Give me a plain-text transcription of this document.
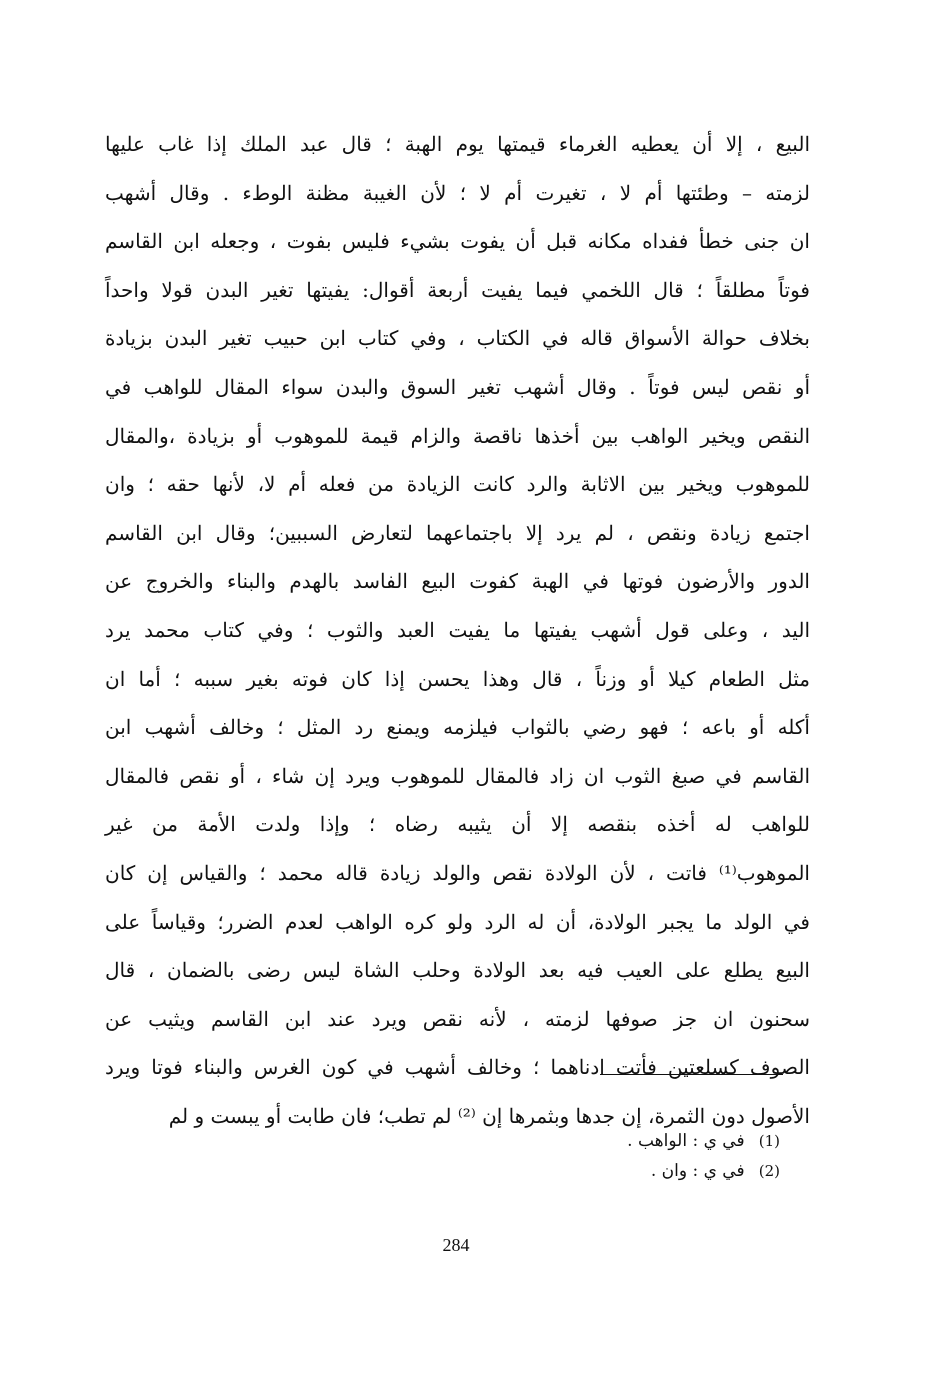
البيع ، إلا أن يعطيه الغرماء قيمتها يوم الهبة ؛ قال عبد الملك إذا غاب عليها
لزمته – وطئتها أم لا ، تغيرت أم لا ؛ لأن الغيبة مظنة الوطء . وقال أشهب
ان جنى خطأ ففداه مكانه قبل أن يفوت بشيء فليس بفوت ، وجعله ابن القاسم
فوتاً مطلقاً ؛ قال اللخمي فيما يفيت أربعة أقوال: يفيتها تغير البدن قولا واحداً
بخلاف حوالة الأسواق قاله في الكتاب ، وفي كتاب ابن حبيب تغير البدن بزيادة
أو نقص ليس فوتاً . وقال أشهب تغير السوق والبدن سواء المقال للواهب في
النقص ويخير الواهب بين أخذها ناقصة والزام قيمة للموهوب أو بزيادة ،والمقال
للموهوب ويخير بين الاثابة والرد كانت الزيادة من فعله أم لا، لأنها حقه ؛ وان
اجتمع زيادة ونقص ، لم يرد إلا باجتماعهما لتعارض السببين؛ وقال ابن القاسم
الدور والأرضون فوتها في الهبة كفوت البيع الفاسد بالهدم والبناء والخروج عن
اليد ، وعلى قول أشهب يفيتها ما يفيت العبد والثوب ؛ وفي كتاب محمد يرد
مثل الطعام كيلا أو وزناً ، قال وهذا يحسن إذا كان فوته بغير سببه ؛ أما ان
أكله أو باعه ؛ فهو رضي بالثواب فيلزمه ويمنع رد المثل ؛ وخالف أشهب ابن
القاسم في صبغ الثوب ان زاد فالمقال للموهوب ويرد إن شاء ، أو نقص فالمقال
للواهب له أخذه بنقصه إلا أن يثيبه رضاه ؛ وإذا ولدت الأمة من غير
الموهوب⁽¹⁾ فاتت ، لأن الولادة نقص والولد زيادة قاله محمد ؛ والقياس إن كان
في الولد ما يجبر الولادة، أن له الرد ولو كره الواهب لعدم الضرر؛ وقياساً على
البيع يطلع على العيب فيه بعد الولادة وحلب الشاة ليس رضى بالضمان ، قال
سحنون ان جز صوفها لزمته ، لأنه نقص ويرد عند ابن القاسم ويثيب عن
الصوف كسلعتين فأتت ادناهما ؛ وخالف أشهب في كون الغرس والبناء فوتا ويرد
الأصول دون الثمرة، إن جدها وبثمرها إن ⁽²⁾ لم تطب؛ فان طابت أو يبست و لم
(1) في ي : الواهب .
(2) في ي : وان .
284
